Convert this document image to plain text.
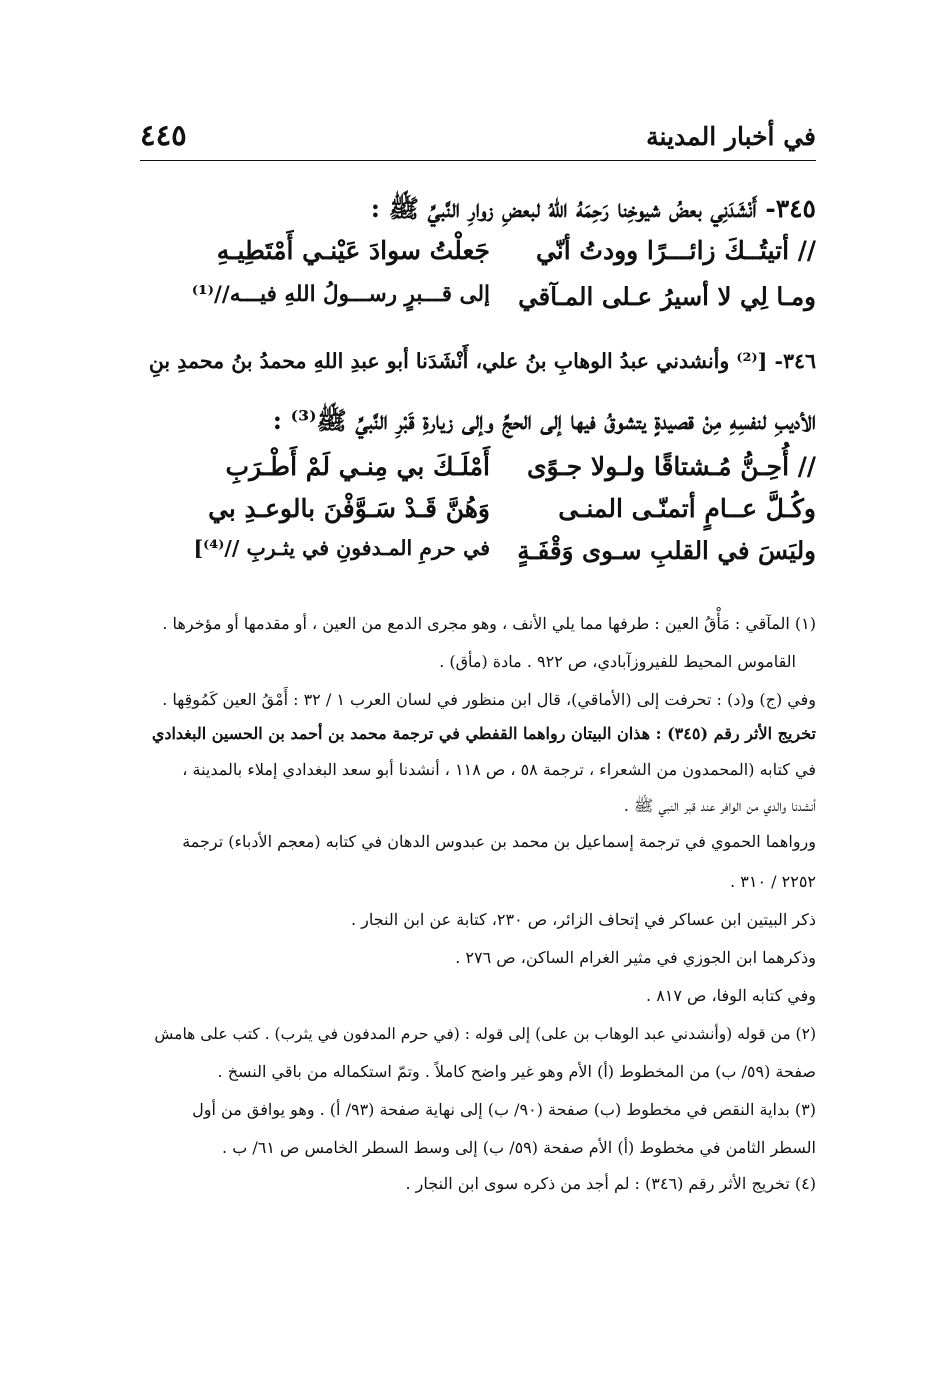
في أخبار المدينة
٤٤٥
٣٤٥- أَنْشَدَنِي بعضُ شيوخِنا رَحِمَهُ اللهُ لبعضِ زوارِ النَّبيِّ ﷺ :
// أتيتُــكَ زائـــرًا وودتُ أنّي
جَعلْتُ سوادَ عَيْنـي أَمْتَطِيـهِ
ومـا لِي لا أسيرُ عـلى المـآقي
إلى قـــبرٍ رســـولُ اللهِ فيـــه//⁽¹⁾
٣٤٦- [⁽²⁾ وأنشدني عبدُ الوهابِ بنُ علي، أَنْشَدَنا أبو عبدِ اللهِ محمدُ بنُ محمدِ بنِ
الأديبِ لنفسِهِ مِنْ قصيدةٍ يتشوقُ فيها إلى الحجِّ وإلى زيارةِ قَبْرِ النَّبيِّ ﷺ⁽³⁾ :
// أُحِـنُّ مُـشتاقًا ولـولا جـوًى
أَمْلَـكَ بي مِنـي لَمْ أَطْـرَبِ
وكُـلَّ عــامٍ أتمنّـى المنـى
وَهُنَّ قَـدْ سَـوَّفْنَ بالوعـدِ بي
وليَسَ في القلبِ سـوى وَقْفَـةٍ
في حرمِ المـدفونِ في يثـربِ //⁽⁴⁾]
(١) المآقي : مَأْقُ العين : طرفها مما يلي الأنف ، وهو مجرى الدمع من العين ، أو مقدمها أو مؤخرها .
القاموس المحيط للفيروزآبادي، ص ٩٢٢ . مادة (مأق) .
وفي (ج) و(د) : تحرفت إلى (الأماقي)، قال ابن منظور في لسان العرب ١ / ٣٢ : أَمْقُ العين كَمُوقِها .
تخريج الأثر رقم (٣٤٥) : هذان البيتان رواهما القفطي في ترجمة محمد بن أحمد بن الحسين البغدادي
في كتابه (المحمدون من الشعراء ، ترجمة ٥٨ ، ص ١١٨ ، أنشدنا أبو سعد البغدادي إملاء بالمدينة ،
أنشدنا والدي من الوافر عند قبر النبي ﷺ .
ورواهما الحموي في ترجمة إسماعيل بن محمد بن عبدوس الدهان في كتابه (معجم الأدباء) ترجمة
٢٢٥٢ / ٣١٠ .
ذكر البيتين ابن عساكر في إتحاف الزائر، ص ٢٣٠، كتابة عن ابن النجار .
وذكرهما ابن الجوزي في مثير الغرام الساكن، ص ٢٧٦ .
وفي كتابه الوفا، ص ٨١٧ .
(٢) من قوله (وأنشدني عبد الوهاب بن على) إلى قوله : (في حرم المدفون في يثرب) . كتب على هامش
صفحة (٥٩/ ب) من المخطوط (أ) الأم وهو غير واضح كاملاً . وتمّ استكماله من باقي النسخ .
(٣) بداية النقص في مخطوط (ب) صفحة (٩٠/ ب) إلى نهاية صفحة (٩٣/ أ) . وهو يوافق من أول
السطر الثامن في مخطوط (أ) الأم صفحة (٥٩/ ب) إلى وسط السطر الخامس ص ٦١/ ب .
(٤) تخريج الأثر رقم (٣٤٦) : لم أجد من ذكره سوى ابن النجار .
